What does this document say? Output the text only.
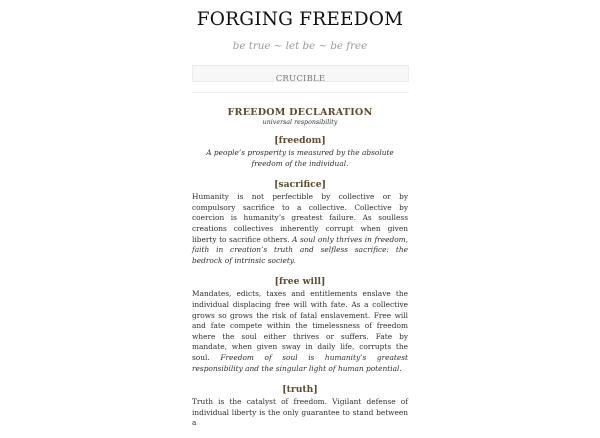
FORGING FREEDOM
be true ~ let be ~ be free
CRUCIBLE
FREEDOM DECLARATION
universal responsibility
[freedom]

A people’s prosperity is measured by the absolute freedom of the individual.

[sacrifice]

Humanity is not perfectible by collective or by compulsory sacrifice to a collective. Collective by coercion is humanity’s greatest failure. As soulless creations collectives inherently corrupt when given liberty to sacrifice others. A soul only thrives in freedom, faith in creation’s truth and selfless sacrifice: the bedrock of intrinsic society.

[free will]

Mandates, edicts, taxes and entitlements enslave the individual displacing free will with fate. As a collective grows so grows the risk of fatal enslavement. Free will and fate compete within the timelessness of freedom where the soul either thrives or suffers. Fate by mandate, when given sway in daily life, corrupts the soul. Freedom of soul is humanity’s greatest responsibility and the singular light of human potential.

[truth]

Truth is the catalyst of freedom. Vigilant defense of individual liberty is the only guarantee to stand between a
